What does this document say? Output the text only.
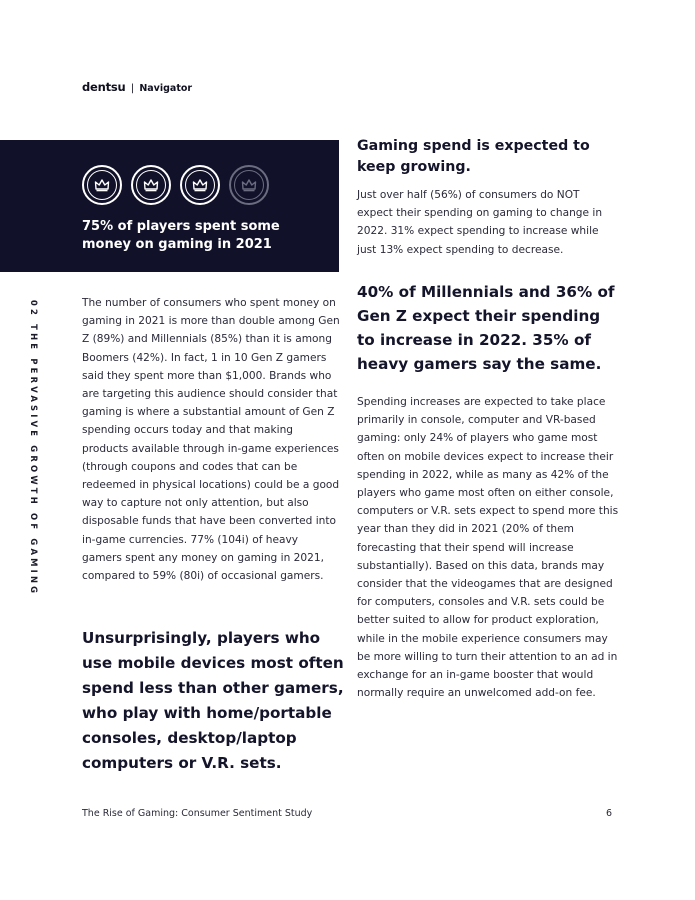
dentsu | Navigator
75% of players spent some money on gaming in 2021
02 THE PERVASIVE GROWTH OF GAMING	The number of consumers who spent money on gaming in 2021 is more than double among Gen Z (89%) and Millennials (85%) than it is among Boomers (42%). In fact, 1 in 10 Gen Z gamers said they spent more than $1,000. Brands who are targeting this audience should consider that gaming is where a substantial amount of Gen Z spending occurs today and that making products available through in-game experiences (through coupons and codes that can be redeemed in physical locations) could be a good way to capture not only attention, but also disposable funds that have been converted into in-game currencies. 77% (104i) of heavy gamers spent any money on gaming in 2021, compared to 59% (80i) of occasional gamers.
Unsurprisingly, players who use mobile devices most often spend less than other gamers, who play with home/portable consoles, desktop/laptop computers or V.R. sets.
Gaming spend is expected to keep growing.
Just over half (56%) of consumers do NOT expect their spending on gaming to change in 2022. 31% expect spending to increase while just 13% expect spending to decrease.
40% of Millennials and 36% of Gen Z expect their spending to increase in 2022. 35% of heavy gamers say the same.
Spending increases are expected to take place primarily in console, computer and VR-based gaming: only 24% of players who game most often on mobile devices expect to increase their spending in 2022, while as many as 42% of the players who game most often on either console, computers or V.R. sets expect to spend more this year than they did in 2021 (20% of them forecasting that their spend will increase substantially). Based on this data, brands may consider that the videogames that are designed for computers, consoles and V.R. sets could be better suited to allow for product exploration, while in the mobile experience consumers may be more willing to turn their attention to an ad in exchange for an in-game booster that would normally require an unwelcomed add-on fee.
The Rise of Gaming: Consumer Sentiment Study	6
